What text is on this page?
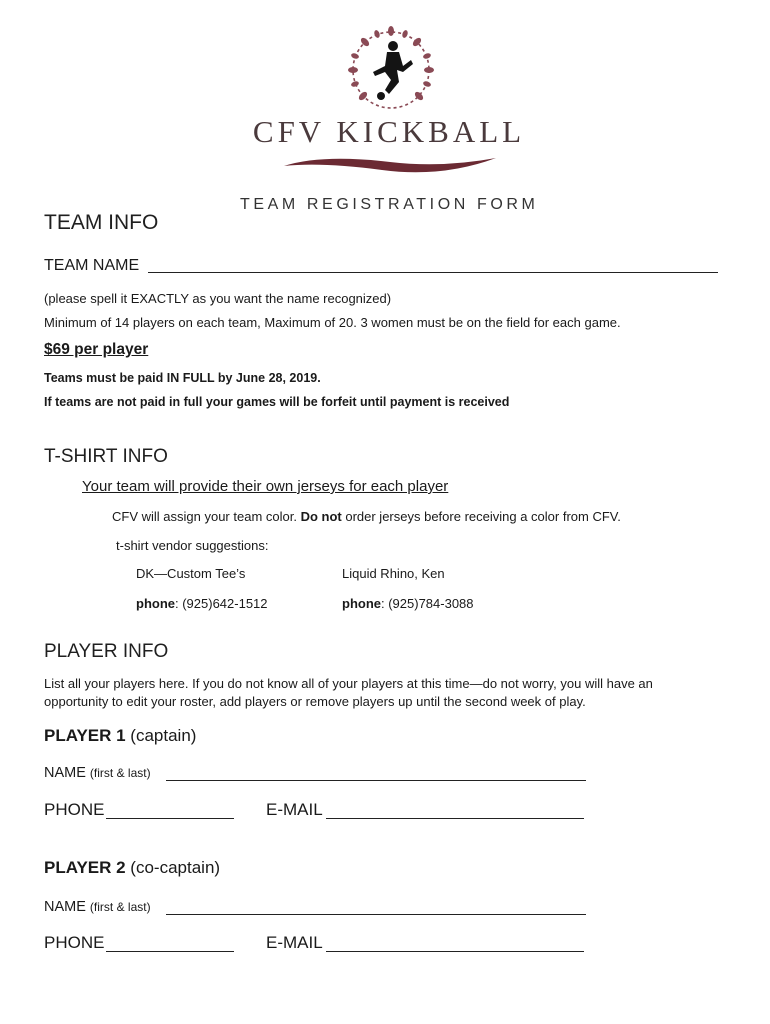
CFV KICKBALL
TEAM REGISTRATION FORM
TEAM INFO
TEAM NAME
(please spell it EXACTLY as you want the name recognized)
Minimum of 14 players on each team, Maximum of 20. 3 women must be on the field for each game.
$69 per player
Teams must be paid IN FULL by June 28, 2019.
If teams are not paid in full your games will be forfeit until payment is received
T-SHIRT INFO
Your team will provide their own jerseys for each player
CFV will assign your team color. Do not order jerseys before receiving a color from CFV.
t-shirt vendor suggestions:
DK—Custom Tee’s	Liquid Rhino, Ken
phone: (925)642-1512	phone: (925)784-3088
PLAYER INFO
List all your players here. If you do not know all of your players at this time—do not worry, you will have an
opportunity to edit your roster, add players or remove players up until the second week of play.
PLAYER 1 (captain)
NAME (first & last)
PHONE	E-MAIL
PLAYER 2 (co-captain)
NAME (first & last)
PHONE	E-MAIL
